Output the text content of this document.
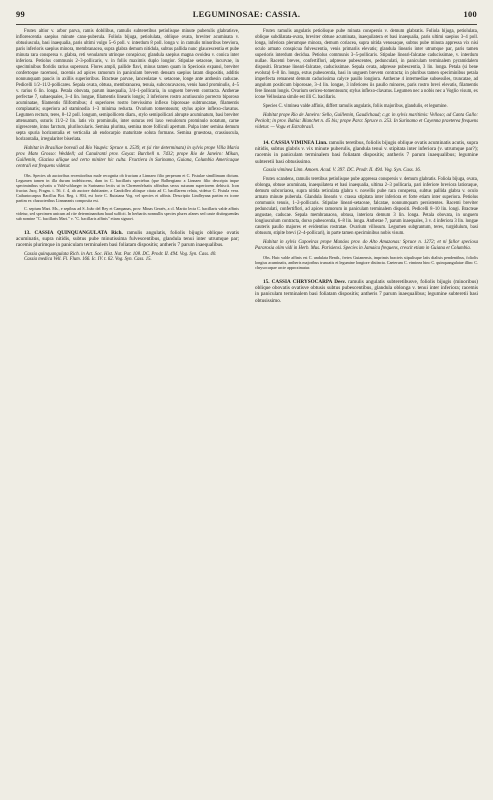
99	LEGUMINOSAE: CASSIA.	100

Frutex altior v. arbor parva, ramis dobilibus, ramulis subteretibus petiolisque minute puberulis glabratisve, inflorescentia saepius minute cano-puberula. Foliola bijuga, petiolulata, oblique ovata, breviter acuminata v. obtusiuscula, basi inaequalia, paris ultimi vulgo 5–6 poll. v. interdum 8 poll. longa v. in ramulis minoribus breviora, paris inferioris saepius minora, membranacea, supra glabra demum nitidula, subtus pallida nunc glaucescentia et pube minuta rara conspersa v. glabra, reti venularum utrinque conspicuo; glandula saepius magna ovoidea v. conica inter inferiora. Petiolus communis 2–3-pollicaris, v. in foliis maximis duplo longior. Stipulae setaceae, incurvae, in speciminibus floridis rarius supersunt. Flores ampli, pallide flavi, minus tamen quam in Speciosis expansi, breviter confertoque racemosi, racemis ad apices ramorum in paniculam brevem densam saepius latam dispositis, additis nonnunquam paucis in axillis superioribus. Bracteae parvae, lanceolatae v. setaceae, longe ante anthesin caducae. Pedicelli 1/2–11/2-pollicares. Sepala ovata, obtusa, membranacea, tenuia, subconcavacea, venis haud prominulis, 4–5 v. rarius 6 lin. longa. Petala obovata, parum inaequalia, 3/4–1-pollicaria, in unguem brevem contracta. Antherae perfectae 7, subaequales, 3–4 lin. longae, filamentis linearis longis; 3 inferiores rostro acutiusculo porrecto biporoso acuminatae, filamentis filiformibus; 4 superiores rostro brevissimo inflexo biporosae subtruncatae, filamentis complanatis; superiora ad staminodia 1–3 minima reducta. Ovarium tomentosum; stylus apice inflexo-clavatus. Legumen rectum, teres, 8–12 poll. longum, semipollicem diam., stylo semipollicari abrupte acuminatum, basi breviter attenuatum, suturis 11/2–2 lin. latis vix prominulis, inter suturas reti laxo venulorum prominulo notatum, carne nigrescente, intus farctum, plurilocularis. Semina plurima, semina more folliculi apertum. Pulpa inter semina demum septa spuria horizontalia et verticalia ab endocarpio maturitate soluta formans. Semina gruestosa, crassiuscula, horizontalia, irregulariter biseriata.

Habitat in Brasiliae boreali ad Rio Vaupés: Spruce n. 2539, et (si rite determinata) in sylvis prope Villa Maria prov. Mato Grosso: Weddell; ad Canulranti prov. Goyaz: Burchell n. 7432; prope Rio de Janeiro: Mikan, Guillemin, Glaziou aliique sed certo miniter hic culta. Fructiera in Surinamo, Guiana, Columbia Americaque centrali est frequens videtur.

Obs. Species ab auctoribus recentioribus male recognita ob fructum a Linnaeo filio perperam et C. Fistulae simillimum dictum. Legumen tamen in illa durum indehiscens, dum in C. bacillaris speciebus (que Balbergiano a Linnaeo filio descripta inque speciminibus sylvatis a Vahl-schlaeger in Surinamo lectis ut in Chrenenfelsatis affinibus secus suturam superiorem dehiscit. Icon fructus Jacq. Fragm. t. 56. f. 4, ab auctore dubitanter, a Candolleo aliisque citata ad C. bacillarem relata, videtur C. Fistula vera. Cathartocarpus Bacillus Bot. Reg. t. 804, est forte C. Ruiziana Vog. vel species ei affinis. Descriptio Lindleyana partim ex icone partim ex characteribus Linnaeanis composita est.

C. sepium Mart. Ms., e sepibus ad S. João del Rey et Campanas, prov. Minas Geraës, a cl. Martio lecta C. bacillaris valde affinis videtur, sed specimen unicum ad rite determinandum haud sufficit. In herbariis nonnullis species plures afanes sed caute distinguendas sub nomine "C. bacillaris Mart." v. "C. bacillaris affinis" etiam signavi.

13. CASSIA QUINQUANGULATA Rich. ramulis angulatis, foliolis bijugis oblique ovatis acuminatis, supra nitidis, subtus pube minutissima fulvescentibus, glandula tenui inter utrumque par; racemis plurimque in paniculam terminalem basi foliatam dispositis; antheris 7 parum inaequalibus.

Cassia quinquangulata Rich. in Act. Soc. Hist. Nat. Par. 108. DC. Prodr. II. 494. Vog. Syn. Cass. 40.

Cassia medica Vell. Fl. Flum. 166. Ic. IV. t. 62. Vog. Syn. Cass. 15.

Frutex ramulis angulatis petiolisque pube minuta conspersis v. demum glabratis. Foliola bijuga, petiolulata, oblique subdilatata-ovata, breviter obtuse acuminata, inaequilatera et basi inaequalia, paris ultimi saepius 3–4 poll. longa, inferiora plerumque minora, demum coriacea, supra nitida venosaque, subtus pube minuta appressa vix nisi oculo armato conspicua fulvescentia, venis primariis elevatis; glandula linearis inter utrumque par, paris tamen superioris interdum decidua. Petiolus communis 3–5-pollicaris. Stipulae lineari-falcatae caducissimae, v. interdum nullae. Racemi breves, confertiflori, adpresse pubescentes, pedunculati, in paniculam terminalem pyramidalem dispositi. Bracteae lineari-falcatae, caducissimae. Sepala ovata, adpresse pubescentia, 3 lin. longa. Petala (si bene evoluta) 6–8 lin. longa, extus pubescentia, basi in unguem brevem contracta; in pluribus tamen speciminibus petala imperfecta remanent demum caducissima calyce paullo longiora. Antherae 4 intermediae subsessiles, truncatae, ad angulum positicum biporosae, 3–4 lin. longae, 3 inferiores iis paullo minores, paris rostro brevi elevatis, filamentis fere lineam longis. Ovarium sericeo-tomentosum; stylus inflexo-clavatus. Legumen nec a nobis nec a Voglio visum, ex icone Vellosiana simile est illi C. bacillaris.

Species C. viminea valde affinis, differt ramulis angulatis, foliis majoribus, glandulis, et legumine.

Habitat prope Rio de Janeiro: Sello, Guillemin, Gaudichaud; c.gr. in sylvis maritimis: Velloso; ad Canta Gallo: Peckolt; in prov. Bahia: Blanchet n. 45 bis; prope Para: Spruce n. 253. In Surinamo et Cayenna praeterea frequens videtur. — Vogu et Estrabrasil.

14. CASSIA VIMINEA Linn. ramulis teretibus, foliolis bijugis oblique ovatis acuminatis acutis, supra nitidis, subtus glabris v. vix minute puberulis, glandula tenui v. stipitata inter inferiora (v. utrumque par?); racemis in paniculam terminalem basi foliatam dispositis; antheris 7 parum inaequalibus; legumine subteretii basi obtusissimo.

Cassia viminea Linn. Amoen. Acad. V. 397. DC. Prodr. II. 494. Vog. Syn. Cass. 16.

Frutex scandens, ramulis teretibus petiolisque pube appressa conspersis v. demum glabratis. Foliola bijuga, ovata, oblonga, obtuse acuminata, inaequilatera et basi inaequalia, ultima 2–3 pollicaria, pari inferiore breviora latioraque, demum subcoriacea, supra nitida reticulata glabra v. novellis pube rara conspersa, subtus pallida glabra v. oculo armato minute puberula. Glandula linearis v. crassa stipitata inter inferiora et forte etiam inter superiora. Petiolus communis tenuis, 1–2-pollicaris. Stipulae lineari-setaceae, falcatae, nonnumquam persistentes. Racemi breviter pedunculati, confertiflori, ad apices ramorum in paniculam terminalem dispositi. Pedicelli 8–10 lin. longi. Bracteae angustae, caducae. Sepala membranacea, obtusa, interiora demum 3 lin. longa. Petala obovata, in unguem longiusculum contracta, dorso pubescentia, 6–8 lin. longa. Antherae 7, parum inaequales, 3 v. 4 inferiora 3 lin. longae cauteris paullo majores et evidentius rostratae. Ovarium villosum. Legumen subgrantum, teres, turgidulum, basi obtusum, stipite brevi (2–4-pollicari), in parte tamen speciminibus nobis visum.

Habitat in sylvis Capoeiras prope Manáos prov. do Alto Amazonas: Spruce n. 1272; et ni fallor speciosa Pararosia olim vidi in Herb. Mus. Parisiensi. Species in Jamaica frequens, crescit etiam in Guiana et Columbia.

Obs. Huic valde affinis est C. undulata Benth., fretex Guianensis, imprimis bracteis stipulisque latis dialisis pendentibus, foliolis longius acuminatis, antheris majoribus truncatis et legumine longiore distincta. Caeterum C. viminea hinc C. quinquangulatae illinc C. chrysocarpae arcte approximatur.

15. CASSIA CHRYSOCARPA Desv. ramulis angulatis subteretibusve, foliolis bijugis (minoribus) oblique obovatis ovatisve obtusis subtus pubescentibus, glandula oblonga v. tenui inter inferiora; racemis in paniculam terminalem basi foliatam dispositis; antheris 7 parum inaequalibus; legumine subteretii basi obtusissimo.
